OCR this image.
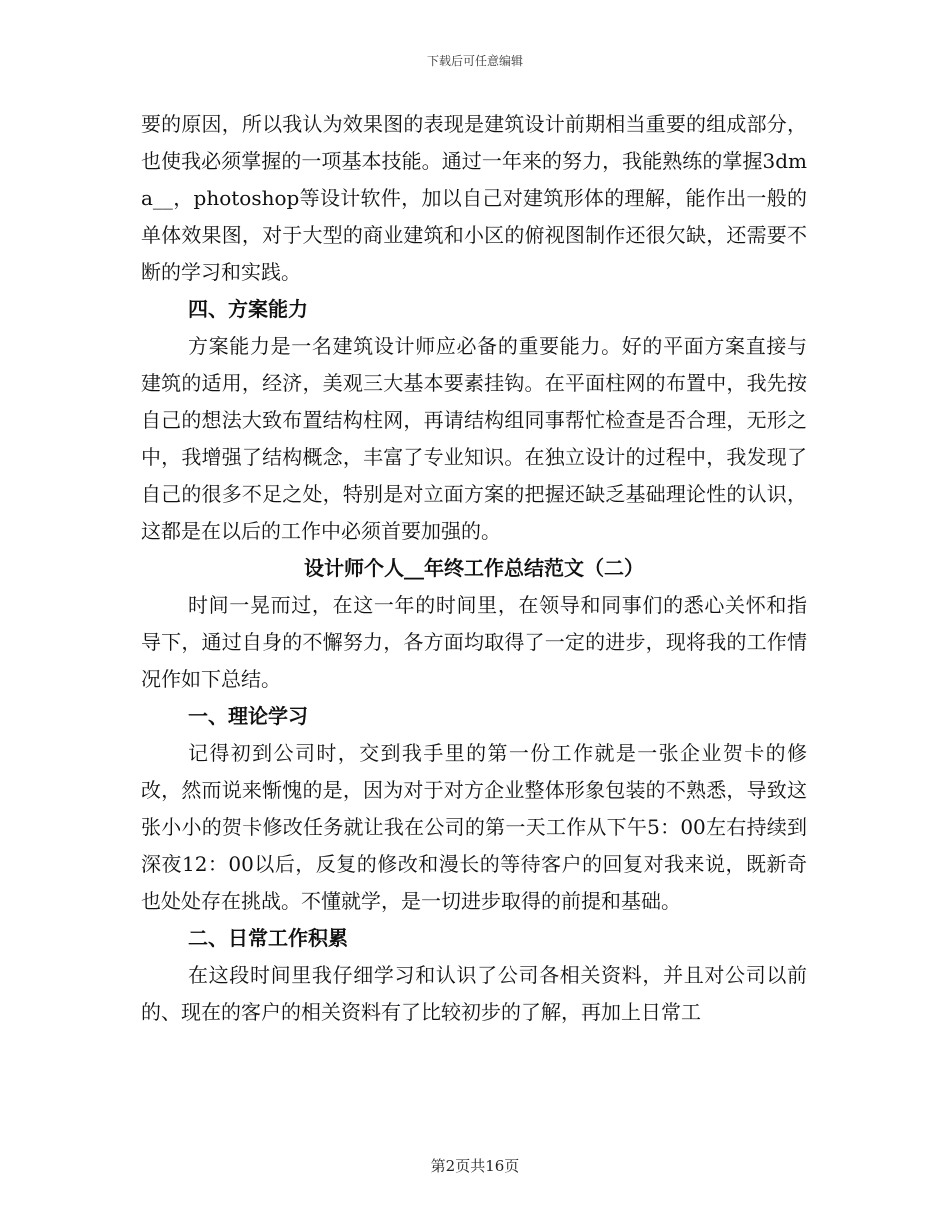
下载后可任意编辑

要的原因，所以我认为效果图的表现是建筑设计前期相当重要的组成部分，也使我必须掌握的一项基本技能。通过一年来的努力，我能熟练的掌握3dma__，photoshop等设计软件，加以自己对建筑形体的理解，能作出一般的单体效果图，对于大型的商业建筑和小区的俯视图制作还很欠缺，还需要不断的学习和实践。

四、方案能力

方案能力是一名建筑设计师应必备的重要能力。好的平面方案直接与建筑的适用，经济，美观三大基本要素挂钩。在平面柱网的布置中，我先按自己的想法大致布置结构柱网，再请结构组同事帮忙检查是否合理，无形之中，我增强了结构概念，丰富了专业知识。在独立设计的过程中，我发现了自己的很多不足之处，特别是对立面方案的把握还缺乏基础理论性的认识，这都是在以后的工作中必须首要加强的。

设计师个人__年终工作总结范文（二）

时间一晃而过，在这一年的时间里，在领导和同事们的悉心关怀和指导下，通过自身的不懈努力，各方面均取得了一定的进步，现将我的工作情况作如下总结。

一、理论学习

记得初到公司时，交到我手里的第一份工作就是一张企业贺卡的修改，然而说来惭愧的是，因为对于对方企业整体形象包装的不熟悉，导致这张小小的贺卡修改任务就让我在公司的第一天工作从下午5：00左右持续到深夜12：00以后，反复的修改和漫长的等待客户的回复对我来说，既新奇也处处存在挑战。不懂就学，是一切进步取得的前提和基础。

二、日常工作积累

在这段时间里我仔细学习和认识了公司各相关资料，并且对公司以前的、现在的客户的相关资料有了比较初步的了解，再加上日常工

第2页共16页
